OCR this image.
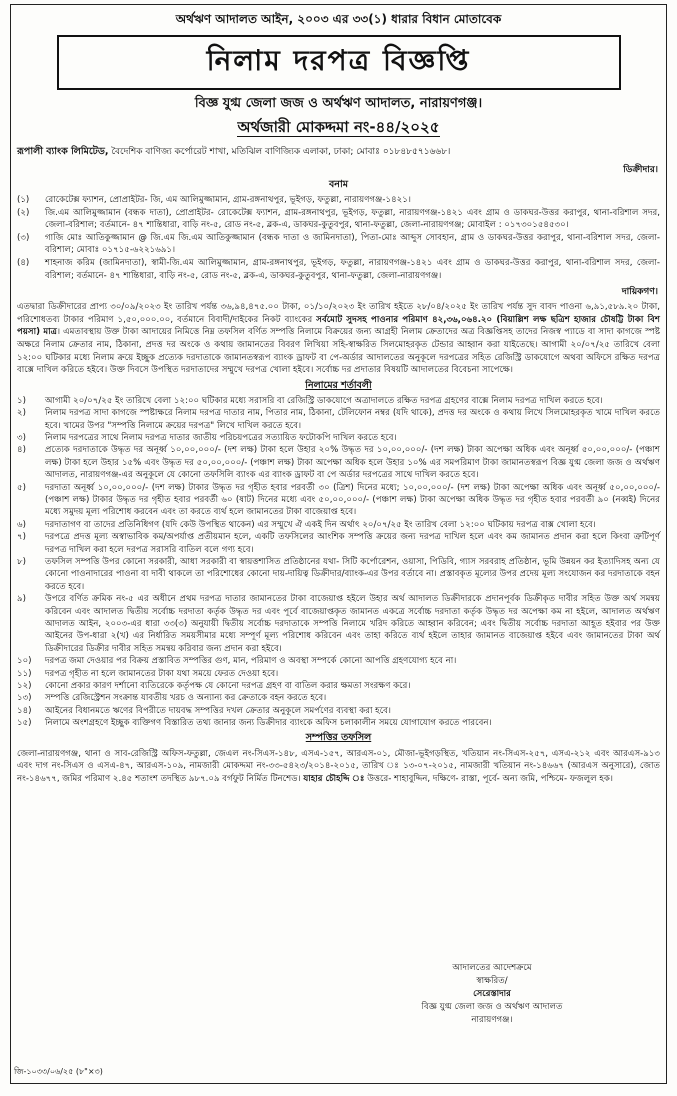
অর্থঋণ আদালত আইন, ২০০৩ এর ৩৩(১) ধারার বিধান মোতাবেক
নিলাম দরপত্র বিজ্ঞপ্তি
বিজ্ঞ যুগ্ম জেলা জজ ও অর্থঋণ আদালত, নারায়ণগঞ্জ।
অর্থজারী মোকদ্দমা নং-৪৪/২০২৫
রূপালী ব্যাংক লিমিটেড, বৈদেশিক বাণিজ্য কর্পোরেট শাখা, মতিঝিল বাণিজ্যিক এলাকা, ঢাকা; মোবাঃ ০১৮৪৮৫৭১৬৬৮।
ডিক্রীদার।
বনাম
(১)	রোকেটেক্স ফ্যাশন, প্রোপ্রাইটর- জি, এম আলিমুজ্জামান, গ্রাম-রঙ্গনাথপুর, ভূইগড়, ফতুল্লা, নারায়ণগঞ্জ-১৪২১।
(২)	জি.এম আলিমুজ্জামান (বন্ধক দাতা), প্রোপ্রাইটর- রোকেটেক্স ফ্যাশন, গ্রাম-রঙ্গনাথপুর, ভূইগড়, ফতুল্লা, নারায়ণগঞ্জ-১৪২১ এবং গ্রাম ও ডাকঘর-উত্তর করাপুর, থানা-বরিশাল সদর, জেলা-বরিশাল; বর্তমানে- ৪৭ শান্তিধারা, বাড়ি নং-৫, রোড নং-৫, ব্লক-এ, ডাকঘর-কুতুবপুর, থানা-ফতুল্লা, জেলা-নারায়ণগঞ্জ; মোবাইল : ০১৭৩০১৫৪৫৩০।
(৩)	গাজি মোঃ আতিকুজ্জামান @ জি.এম জি.এম আতিকুজ্জামান (বন্ধক দাতা ও জামিনদাতা), পিতা-মোঃ আব্দুস সোবহান, গ্রাম ও ডাকঘর-উত্তর করাপুর, থানা-বরিশাল সদর, জেলা-বরিশাল; মোবাঃ ০১৭১৫-৬২২১৬৯১।
(৪)	শাহনাজ করিম (জামিনদাতা), স্বামী-জি.এম আলিমুজ্জামান, গ্রাম-রঙ্গনাথপুর, ভূইগড়, ফতুল্লা, নারায়ণগঞ্জ-১৪২১ এবং গ্রাম ও ডাকঘর-উত্তর করাপুর, থানা-বরিশাল সদর, জেলা-বরিশাল; বর্তমানে- ৪৭ শান্তিধারা, বাড়ি নং-৫, রোড নং-৫, ব্লক-এ, ডাকঘর-কুতুবপুর, থানা-ফতুল্লা, জেলা-নারায়ণগঞ্জ।
দায়িকগণ।
এতদ্বারা ডিক্রীদারের প্রাপ্য ৩০/০৯/২০২৩ ইং তারিখ পর্যন্ত ৩৬,৯৪,৪৭৫.০০ টাকা, ০১/১০/২০২৩ ইং তারিখ হইতে ২৮/০৪/২০২৫ ইং তারিখ পর্যন্ত সুদ বাবদ পাওনা ৬,৯১,৫৮৯.২০ টাকা, পরিশোধতব্য টাকার পরিমাণ ১,৫০,০০০.০০, বর্তমানে বিবাদী/দাইকের নিকট ব্যাংকের সর্বমোট সুদসহ পাওনার পরিমাণ ৪২,৩৬,০৬৪.২০ (বিয়াল্লিশ লক্ষ ছত্রিশ হাজার চৌষট্টি টাকা বিশ পয়সা) মাত্র। এমতাবস্থায় উক্ত টাকা আদায়ের নিমিত্তে নিম্ন তফসিল বর্ণিত সম্পত্তি নিলামে বিক্রয়ের জন্য আগ্রহী নিলাম ক্রেতাদের অত্র বিজ্ঞপ্তিসহ তাদের নিজস্ব প্যাডে বা সাদা কাগজে স্পষ্ট অক্ষরে নিলাম ক্রেতার নাম, ঠিকানা, প্রদত্ত দর অংকে ও কথায় জামানতের বিবরণ লিখিয়া সহি-স্বাক্ষরিত সিলমোহরকৃত টেন্ডার আহ্বান করা যাইতেছে। আগামী ২০/০৭/২৫ তারিখে বেলা ১২:০০ ঘটিকার মধ্যে নিলাম ক্রয়ে ইচ্ছুক প্রত্যেক দরদাতাকে জামানতস্বরূপ ব্যাংক ড্রাফট বা পে-অর্ডার আদালতের অনুকূলে দরপত্রের সহিত রেজিস্ট্রি ডাকযোগে অথবা অফিসে রক্ষিত দরপত্র বাক্সে দাখিল করিতে হইবে। উক্ত দিবসে উপস্থিত দরদাতাদের সম্মুখে দরপত্র খোলা হইবে। সর্বোচ্চ দর প্রদাতার বিষয়টি আদালতের বিবেচনা সাপেক্ষে।
নিলামের শর্তাবলী
১)	আগামী ২০/০৭/২৫ ইং তারিখে বেলা ১২:০০ ঘটিকার মধ্যে সরাসরি বা রেজিস্ট্রি ডাকযোগে অত্রাদালতে রক্ষিত দরপত্র গ্রহণের বাক্সে নিলাম দরপত্র দাখিল করতে হবে।
২)	নিলাম দরপত্র সাদা কাগজে স্পষ্টাক্ষরে নিলাম দরপত্র দাতার নাম, পিতার নাম, ঠিকানা, টেলিফোন নম্বর (যদি থাকে), প্রদত্ত দর অংকে ও কথায় লিখে সিলমোহরকৃত খামে দাখিল করতে হবে। খামের উপর "সম্পত্তি নিলামে ক্রয়ের দরপত্র" লিখে দাখিল করতে হবে।
৩)	নিলাম দরপত্রের সাথে নিলাম দরপত্র দাতার জাতীয় পরিচয়পত্রের সত্যায়িত ফটোকপি দাখিল করতে হবে।
৪)	প্রত্যেক দরদাতাকে উদ্ধৃত দর অনূর্ধ্ব ১০,০০,০০০/- (দশ লক্ষ) টাকা হলে উহার ২০% উদ্ধৃত দর ১০,০০,০০০/- (দশ লক্ষ) টাকা অপেক্ষা অধিক এবং অনূর্ধ্ব ৫০,০০,০০০/- (পঞ্চাশ লক্ষ) টাকা হলে উহার ১৫% এবং উদ্ধৃত দর ৫০,০০,০০০/- (পঞ্চাশ লক্ষ) টাকা অপেক্ষা অধিক হলে উহার ১০% এর সমপরিমাণ টাকা জামানতস্বরূপ বিজ্ঞ যুগ্ম জেলা জজ ও অর্থঋণ আদালত, নারায়ণগঞ্জ-এর অনুকূলে যে কোনো তফসিলি ব্যাংক এর ব্যাংক ড্রাফট বা পে অর্ডার দরপত্রের সাথে দাখিল করতে হবে।
৫)	দরদাতা অনূর্ধ্ব ১০,০০,০০০/- (দশ লক্ষ) টাকার উদ্ধৃত দর গৃহীত হবার পরবর্তী ৩০ (ত্রিশ) দিনের মধ্যে; ১০,০০,০০০/- (দশ লক্ষ) টাকা অপেক্ষা অধিক এবং অনূর্ধ্ব ৫০,০০,০০০/- (পঞ্চাশ লক্ষ) টাকার উদ্ধৃত দর গৃহীত হবার পরবর্তী ৬০ (ষাট) দিনের মধ্যে এবং ৫০,০০,০০০/- (পঞ্চাশ লক্ষ) টাকা অপেক্ষা অধিক উদ্ধৃত দর গৃহীত হবার পরবর্তী ৯০ (নব্বই) দিনের মধ্যে সমুদয় মূল্য পরিশোধ করবেন এবং তা করতে ব্যর্থ হলে জামানতের টাকা বাজেয়াপ্ত হবে।
৬)	দরদাতাগণ বা তাদের প্রতিনিধিগণ (যদি কেউ উপস্থিত থাকেন) এর সম্মুখে ঐ একই দিন অর্থাৎ ২০/০৭/২৫ ইং তারিখ বেলা ১২:০০ ঘটিকায় দরপত্র বাক্স খোলা হবে।
৭)	দরপত্রে প্রদত্ত মূল্য অস্বাভাবিক কম/অপর্যাপ্ত প্রতীয়মান হলে, একটি তফসিলের আংশিক সম্পত্তি ক্রয়ের জন্য দরপত্র দাখিল হলে এবং কম জামানত প্রদান করা হলে কিংবা ত্রুটিপূর্ণ দরপত্র দাখিল করা হলে দরপত্র সরাসরি বাতিল বলে গণ্য হবে।
৮)	তফসিল সম্পত্তি উপর কোনো সরকারী, আধা সরকারী বা স্বায়ত্তশাসিত প্রতিষ্ঠানের যথা- সিটি কর্পোরেশন, ওয়াসা, পিডিবি, গ্যাস সরবরাহ প্রতিষ্ঠান, ভূমি উন্নয়ন কর ইত্যাদিসহ অন্য যে কোনো পাওনাদারের পাওনা বা দাবী থাকলে তা পরিশোধের কোনো দায়-দায়িত্ব ডিক্রীদার/ব্যাংক-এর উপর বর্তাবে না। প্রস্তাবকৃত মূল্যের উপর প্রদেয় মূল্য সংযোজন কর দরদাতাকে বহন করতে হবে।
৯)	উপরে বর্ণিত ক্রমিক নং-৫ এর অধীনে প্রথম দরপত্র দাতার জামানতের টাকা বাজেয়াপ্ত হইলে উহার অর্থ আদালত ডিক্রীদারকে প্রদানপূর্বক ডিক্রীকৃত দাবীর সহিত উক্ত অর্থ সমন্বয় করিবেন এবং আদালত দ্বিতীয় সর্বোচ্চ দরদাতা কর্তৃক উদ্ধৃত দর এবং পূর্বে বাজেয়াপ্তকৃত জামানত একত্রে সর্বোচ্চ দরদাতা কর্তৃক উদ্ধৃত দর অপেক্ষা কম না হইলে, আদালত অর্থঋণ আদালত আইন, ২০০৩-এর ধারা ৩৩(৩) অনুযায়ী দ্বিতীয় সর্বোচ্চ দরদাতাকে সম্পত্তি নিলামে খরিদ করিতে আহ্বান করিবেন; এবং দ্বিতীয় সর্বোচ্চ দরদাতা আহূত হইবার পর উক্ত আইনের উপ-ধারা ২(খ) এর নির্ধারিত সময়সীমার মধ্যে সম্পূর্ণ মূল্য পরিশোধ করিবেন এবং তাহা করিতে ব্যর্থ হইলে তাহার জামানত বাজেয়াপ্ত হইবে এবং জামানতের টাকা অর্থ ডিক্রীদারের ডিক্রীর দাবীর সহিত সমন্বয় করিবার জন্য প্রদান করা হইবে।
১০)	দরপত্র জমা দেওয়ার পর বিক্রয় প্রস্তাবিত সম্পত্তির গুণ, মান, পরিমাণ ও অবস্থা সম্পর্কে কোনো আপত্তি গ্রহণযোগ্য হবে না।
১১)	দরপত্র গৃহীত না হলে জামানতের টাকা যথা সময়ে ফেরত দেওয়া হবে।
১২)	কোনো প্রকার কারণ দর্শানো ব্যতিরেকে কর্তৃপক্ষ যে কোনো দরপত্র গ্রহণ বা বাতিল করার ক্ষমতা সংরক্ষণ করে।
১৩)	সম্পত্তি রেজিস্ট্রেশন সংক্রান্ত যাবতীয় খরচ ও অন্যান্য কর ক্রেতাকে বহন করতে হবে।
১৪)	আইনের বিধানমতে ঋণের বিপরীতে দায়বদ্ধ সম্পত্তির দখল ক্রেতার অনুকূলে সমর্পণের ব্যবস্থা করা হবে।
১৫)	নিলামে অংশগ্রহণে ইচ্ছুক ব্যক্তিগণ বিস্তারিত তথ্য জানার জন্য ডিক্রীদার ব্যাংকে অফিস চলাকালীন সময়ে যোগাযোগ করতে পারবেন।
সম্পত্তির তফসিল
জেলা-নারায়ণগঞ্জ, থানা ও সাব-রেজিস্ট্রি অফিস-ফতুল্লা, জেএল নং-সিএস-১৪৮, এসএ-১৫৭, আরএস-০১, মৌজা-ভূইগড়স্থিত, খতিয়ান নং-সিএস-২৫৭, এসএ-২১২ এবং আরএস-৯১৩ এবং দাগ নং-সিএস ও এসএ-৪৭, আরএস-১০৯, নামজারী মোকদ্দমা নং-৩৩-৫৪২৩/২০১৪-২০১৫, তারিখ ঃ ১৩-০৭-২০১৫, নামজারী খতিয়ান নং-১৪৬৬৭ (আরএস অনুসারে), জোত নং-১৪৬৭৭, জমির পরিমাণ ২.৪৫ শতাংশ তদস্থিত ৯৮৭.০৯ বর্গফুট নির্মিত টিনশেড। যাহার চৌহদ্দি ঃ উত্তরে- শাহাবুদ্দিন, দক্ষিণে- রাস্তা, পূর্বে- অন্য জমি, পশ্চিমে- ফজলুল হক।
আদালতের আদেশক্রমে
স্বাক্ষরিত/
সেরেস্তাদার
বিজ্ঞ যুগ্ম জেলা জজ ও অর্থঋণ আদালত
নারায়ণগঞ্জ।
জি-১০৩৩/০৬/২৫ (৮"×৩)
